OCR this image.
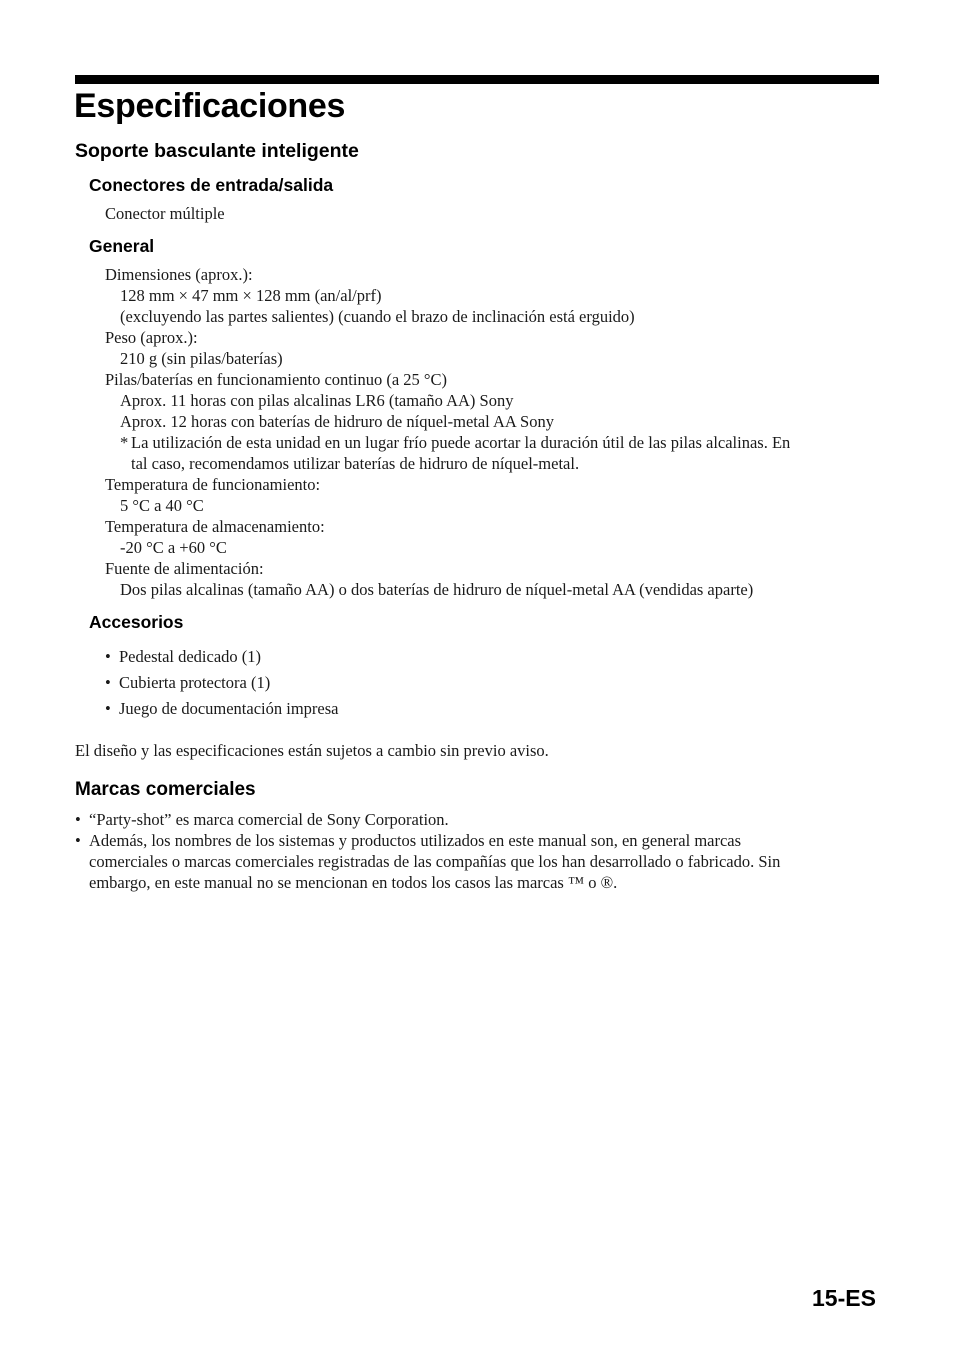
Especificaciones
Soporte basculante inteligente
Conectores de entrada/salida
Conector múltiple
General
Dimensiones (aprox.):
128 mm × 47 mm × 128 mm (an/al/prf)
(excluyendo las partes salientes) (cuando el brazo de inclinación está erguido)
Peso (aprox.):
210 g (sin pilas/baterías)
Pilas/baterías en funcionamiento continuo (a 25 °C)
Aprox. 11 horas con pilas alcalinas LR6 (tamaño AA) Sony
Aprox. 12 horas con baterías de hidruro de níquel-metal AA Sony
* La utilización de esta unidad en un lugar frío puede acortar la duración útil de las pilas alcalinas. En
tal caso, recomendamos utilizar baterías de hidruro de níquel-metal.
Temperatura de funcionamiento:
5 °C a 40 °C
Temperatura de almacenamiento:
-20 °C a +60 °C
Fuente de alimentación:
Dos pilas alcalinas (tamaño AA) o dos baterías de hidruro de níquel-metal AA (vendidas aparte)
Accesorios
• Pedestal dedicado (1)
• Cubierta protectora (1)
• Juego de documentación impresa
El diseño y las especificaciones están sujetos a cambio sin previo aviso.
Marcas comerciales
• “Party-shot” es marca comercial de Sony Corporation.
• Además, los nombres de los sistemas y productos utilizados en este manual son, en general marcas
comerciales o marcas comerciales registradas de las compañías que los han desarrollado o fabricado. Sin
embargo, en este manual no se mencionan en todos los casos las marcas ™ o ®.
15-ES
